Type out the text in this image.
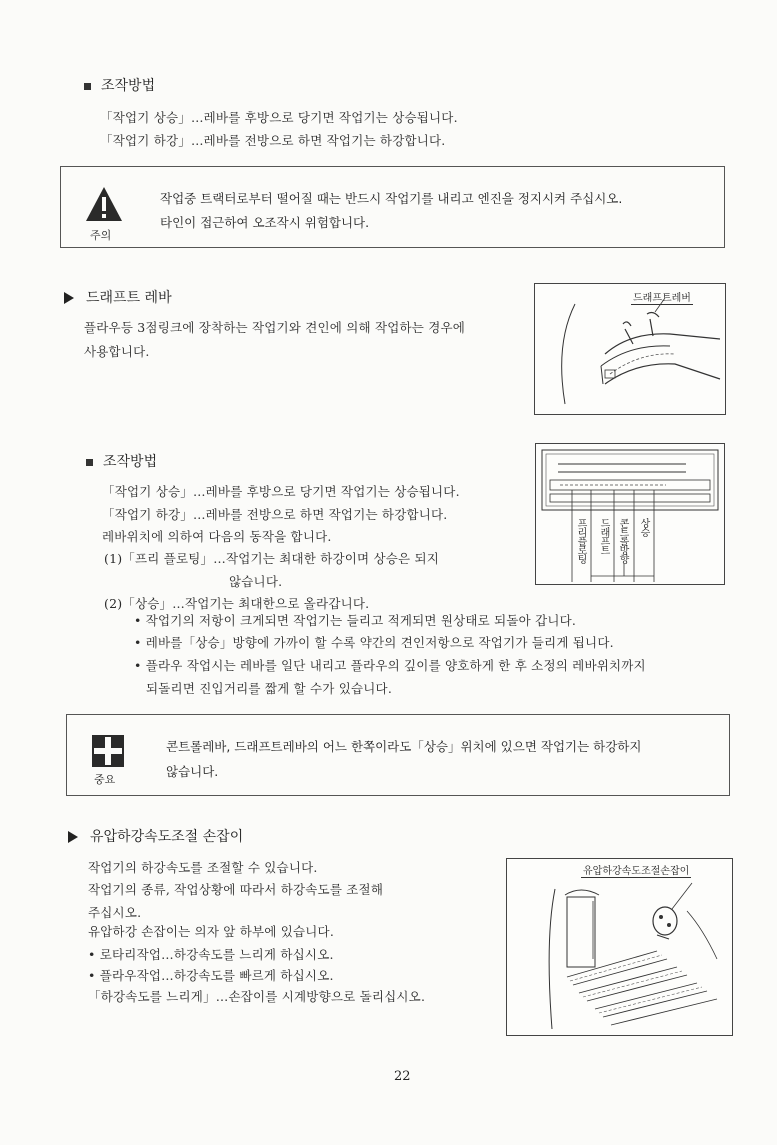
조작방법
「작업기 상승」…레바를 후방으로 당기면 작업기는 상승됩니다.
「작업기 하강」…레바를 전방으로 하면 작업기는 하강합니다.
주의
작업중 트랙터로부터 떨어질 때는 반드시 작업기를 내리고 엔진을 정지시켜 주십시오.
타인이 접근하여 오조작시 위험합니다.
드래프트 레바
플라우등 3점링크에 장착하는 작업기와 견인에 의해 작업하는 경우에
사용합니다.
드래프트레버
조작방법
「작업기 상승」…레바를 후방으로 당기면 작업기는 상승됩니다.
「작업기 하강」…레바를 전방으로 하면 작업기는 하강합니다.
레바위치에 의하여 다음의 동작을 합니다.
(1)「프리 플로팅」…작업기는 최대한 하강이며 상승은 되지
않습니다.
(2)「상승」…작업기는 최대한으로 올라갑니다.
• 작업기의 저항이 크게되면 작업기는 들리고 적게되면 원상태로 되돌아 갑니다.
• 레바를「상승」방향에 가까이 할 수록 약간의 견인저항으로 작업기가 들리게 됩니다.
• 플라우 작업시는 레바를 일단 내리고 플라우의 깊이를 양호하게 한 후 소정의 레바위치까지
되돌리면 진입거리를 짧게 할 수가 있습니다.
프리플로팅 드래프트 콘트롤방향 상승
중요
콘트롤레바, 드래프트레바의 어느 한쪽이라도「상승」위치에 있으면 작업기는 하강하지
않습니다.
유압하강속도조절 손잡이
작업기의 하강속도를 조절할 수 있습니다.
작업기의 종류, 작업상황에 따라서 하강속도를 조절해
주십시오.
유압하강 손잡이는 의자 앞 하부에 있습니다.
• 로타리작업…하강속도를 느리게 하십시오.
• 플라우작업…하강속도를 빠르게 하십시오.
「하강속도를 느리게」…손잡이를 시계방향으로 돌리십시오.
유압하강속도조절손잡이
22
